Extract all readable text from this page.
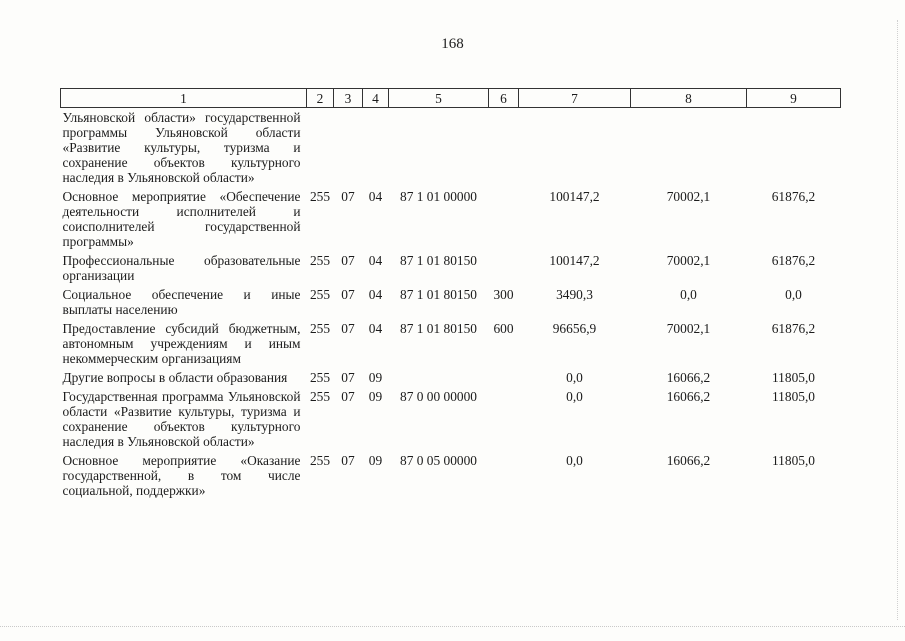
168
1	2	3	4	5	6	7	8	9
Ульяновской области» государственной программы Ульяновской области «Развитие культуры, туризма и сохранение объектов культурного наследия в Ульяновской области»								
Основное мероприятие «Обеспечение деятельности исполнителей и соисполнителей государственной программы»	255	07	04	87 1 01 00000		100147,2	70002,1	61876,2
Профессиональные образовательные организации	255	07	04	87 1 01 80150		100147,2	70002,1	61876,2
Социальное обеспечение и иные выплаты населению	255	07	04	87 1 01 80150	300	3490,3	0,0	0,0
Предоставление субсидий бюджетным, автономным учреждениям и иным некоммерческим организациям	255	07	04	87 1 01 80150	600	96656,9	70002,1	61876,2
Другие вопросы в области образования	255	07	09			0,0	16066,2	11805,0
Государственная программа Ульяновской области «Развитие культуры, туризма и сохранение объектов культурного наследия в Ульяновской области»	255	07	09	87 0 00 00000		0,0	16066,2	11805,0
Основное мероприятие «Оказание государственной, в том числе социальной, поддержки»	255	07	09	87 0 05 00000		0,0	16066,2	11805,0
